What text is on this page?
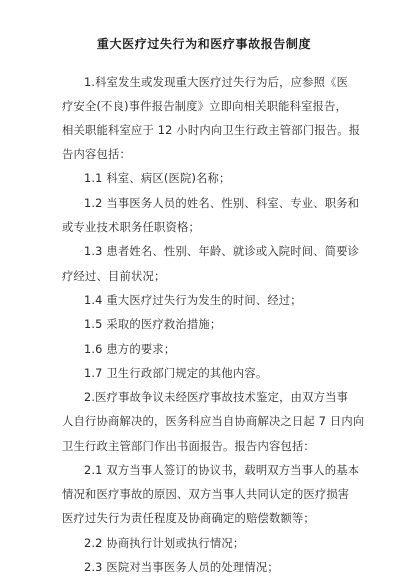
重大医疗过失行为和医疗事故报告制度
1.科室发生或发现重大医疗过失行为后，应参照《医
疗安全(不良)事件报告制度》立即向相关职能科室报告，
相关职能科室应于 12 小时内向卫生行政主管部门报告。报
告内容包括：
1.1 科室、病区(医院)名称；
1.2 当事医务人员的姓名、性别、科室、专业、职务和
或专业技术职务任职资格；
1.3 患者姓名、性别、年龄、就诊或入院时间、简要诊
疗经过、目前状况；
1.4 重大医疗过失行为发生的时间、经过；
1.5 采取的医疗救治措施；
1.6 患方的要求；
1.7 卫生行政部门规定的其他内容。
2.医疗事故争议未经医疗事故技术鉴定，由双方当事
人自行协商解决的，医务科应当自协商解决之日起 7 日内向
卫生行政主管部门作出书面报告。报告内容包括：
2.1 双方当事人签订的协议书，载明双方当事人的基本
情况和医疗事故的原因、双方当事人共同认定的医疗损害
医疗过失行为责任程度及协商确定的赔偿数额等；
2.2 协商执行计划或执行情况；
2.3 医院对当事医务人员的处理情况；
